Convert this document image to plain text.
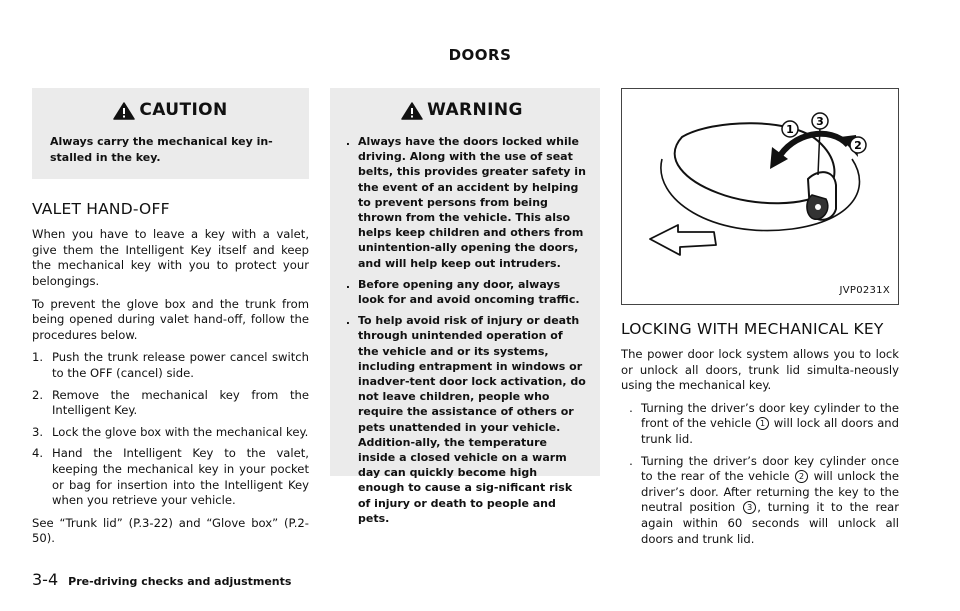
DOORS
CAUTION
Always carry the mechanical key in-stalled in the key.
VALET HAND-OFF

When you have to leave a key with a valet, give them the Intelligent Key itself and keep the mechanical key with you to protect your belongings.

To prevent the glove box and the trunk from being opened during valet hand-off, follow the procedures below.

1. Push the trunk release power cancel switch to the OFF (cancel) side.
2. Remove the mechanical key from the Intelligent Key.
3. Lock the glove box with the mechanical key.
4. Hand the Intelligent Key to the valet, keeping the mechanical key in your pocket or bag for insertion into the Intelligent Key when you retrieve your vehicle.

See “Trunk lid” (P.3-22) and “Glove box” (P.2-50).

WARNING
. Always have the doors locked while driving. Along with the use of seat belts, this provides greater safety in the event of an accident by helping to prevent persons from being thrown from the vehicle. This also helps keep children and others from unintention-ally opening the doors, and will help keep out intruders.
. Before opening any door, always look for and avoid oncoming traffic.
. To help avoid risk of injury or death through unintended operation of the vehicle and or its systems, including entrapment in windows or inadver-tent door lock activation, do not leave children, people who require the assistance of others or pets unattended in your vehicle. Addition-ally, the temperature inside a closed vehicle on a warm day can quickly become high enough to cause a sig-nificant risk of injury or death to people and pets.
1
3
2
JVP0231X
LOCKING WITH MECHANICAL KEY

The power door lock system allows you to lock or unlock all doors, trunk lid simulta-neously using the mechanical key.

. Turning the driver’s door key cylinder to the front of the vehicle 1 will lock all doors and trunk lid.
. Turning the driver’s door key cylinder once to the rear of the vehicle 2 will unlock the driver’s door. After returning the key to the neutral position 3 , turning it to the rear again within 60 seconds will unlock all doors and trunk lid.
3-4 Pre-driving checks and adjustments
